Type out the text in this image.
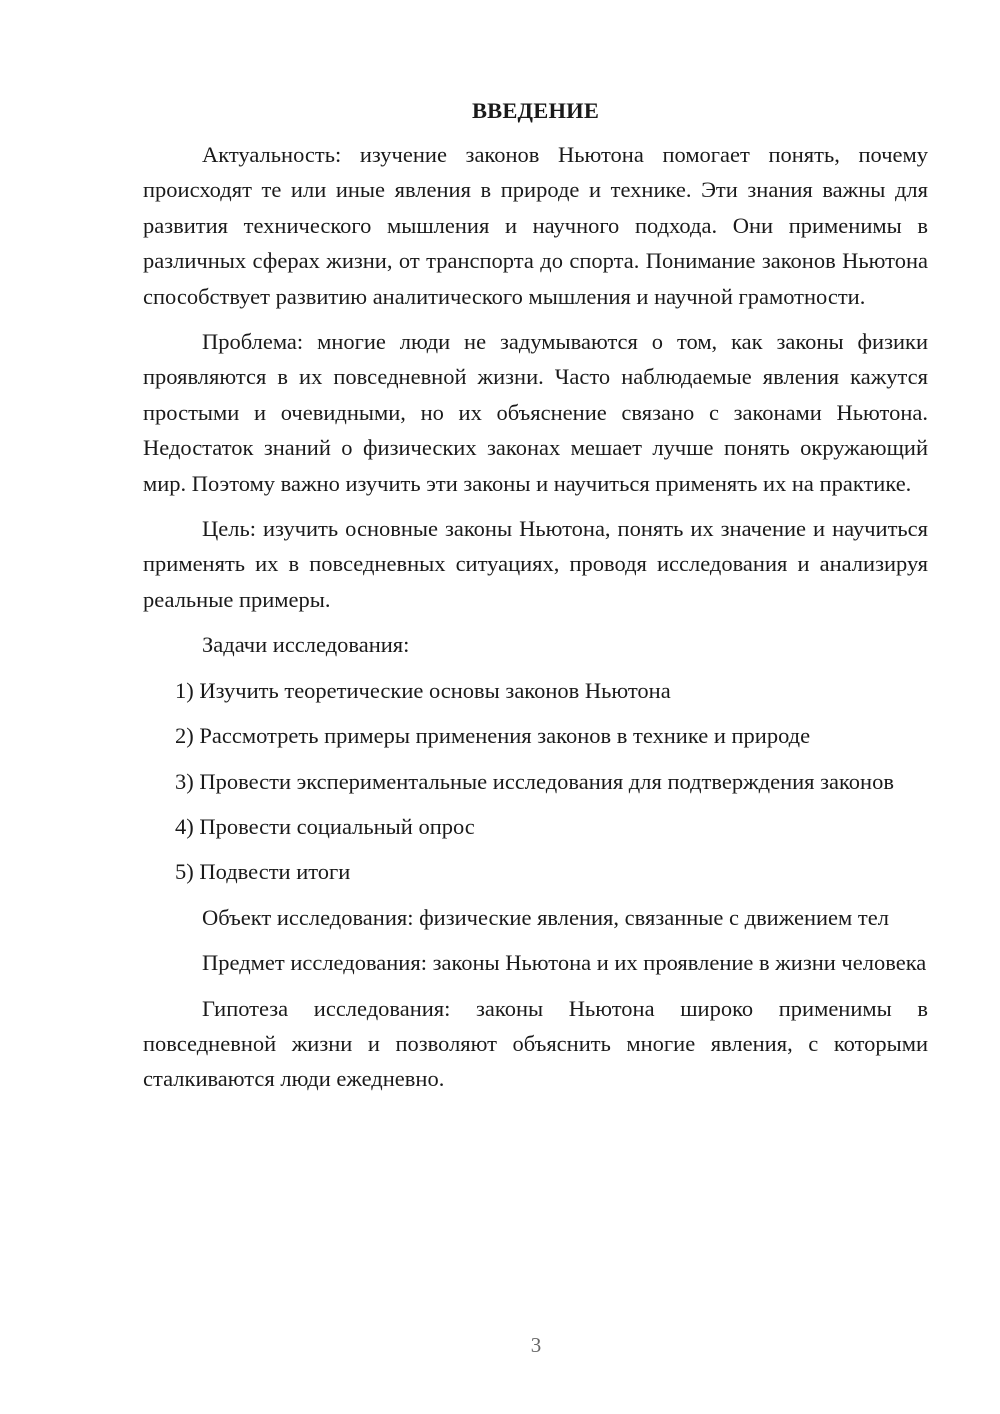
ВВЕДЕНИЕ

Актуальность: изучение законов Ньютона помогает понять, почему происходят те или иные явления в природе и технике. Эти знания важны для развития технического мышления и научного подхода. Они применимы в различных сферах жизни, от транспорта до спорта. Понимание законов Ньютона способствует развитию аналитического мышления и научной грамотности.

Проблема: многие люди не задумываются о том, как законы физики проявляются в их повседневной жизни. Часто наблюдаемые явления кажутся простыми и очевидными, но их объяснение связано с законами Ньютона. Недостаток знаний о физических законах мешает лучше понять окружающий мир. Поэтому важно изучить эти законы и научиться применять их на практике.

Цель: изучить основные законы Ньютона, понять их значение и научиться применять их в повседневных ситуациях, проводя исследования и анализируя реальные примеры.

Задачи исследования:

1) Изучить теоретические основы законов Ньютона

2) Рассмотреть примеры применения законов в технике и природе

3) Провести экспериментальные исследования для подтверждения законов

4) Провести социальный опрос

5) Подвести итоги

Объект исследования: физические явления, связанные с движением тел

Предмет исследования: законы Ньютона и их проявление в жизни человека

Гипотеза исследования: законы Ньютона широко применимы в повседневной жизни и позволяют объяснить многие явления, с которыми сталкиваются люди ежедневно.

3
